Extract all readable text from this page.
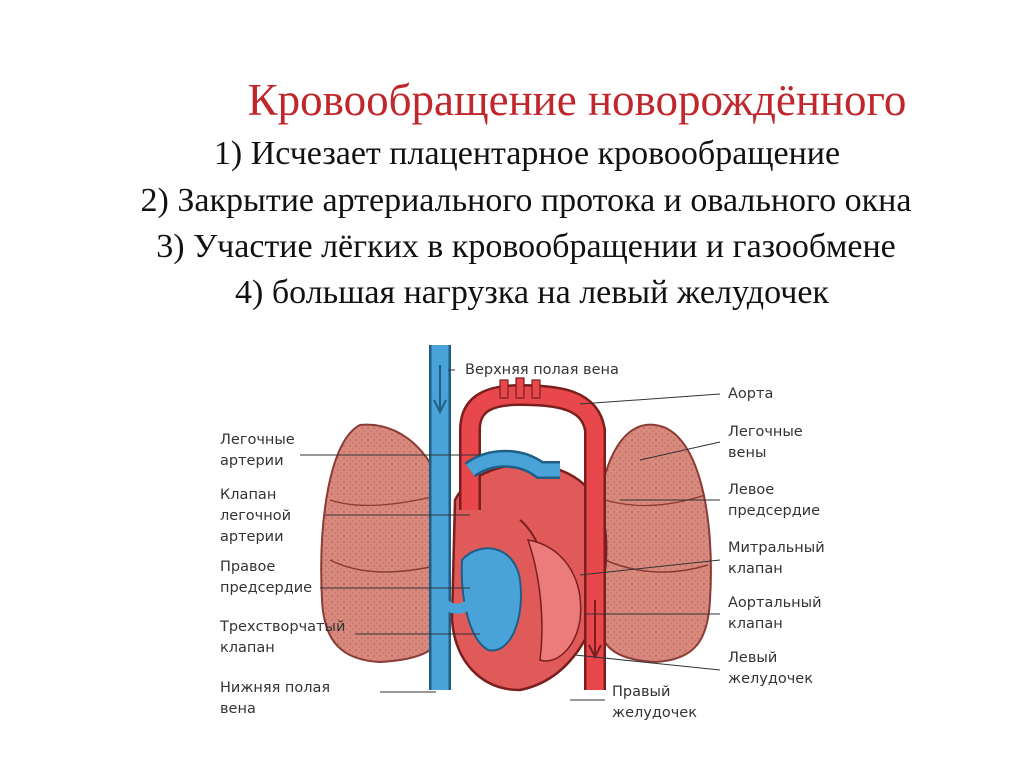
Кровообращение новорождённого
1) Исчезает плацентарное кровообращение
2) Закрытие артериального протока и овального окна
3) Участие лёгких в кровообращении и газообмене
4) большая нагрузка на левый желудочек
Легочные
артерии
Клапан
легочной
артерии
Правое
предсердие
Трехстворчатый
клапан
Нижняя полая
вена
Верхняя полая вена
Аорта
Легочные
вены
Левое
предсердие
Митральный
клапан
Аортальный
клапан
Левый
желудочек
Правый
желудочек
